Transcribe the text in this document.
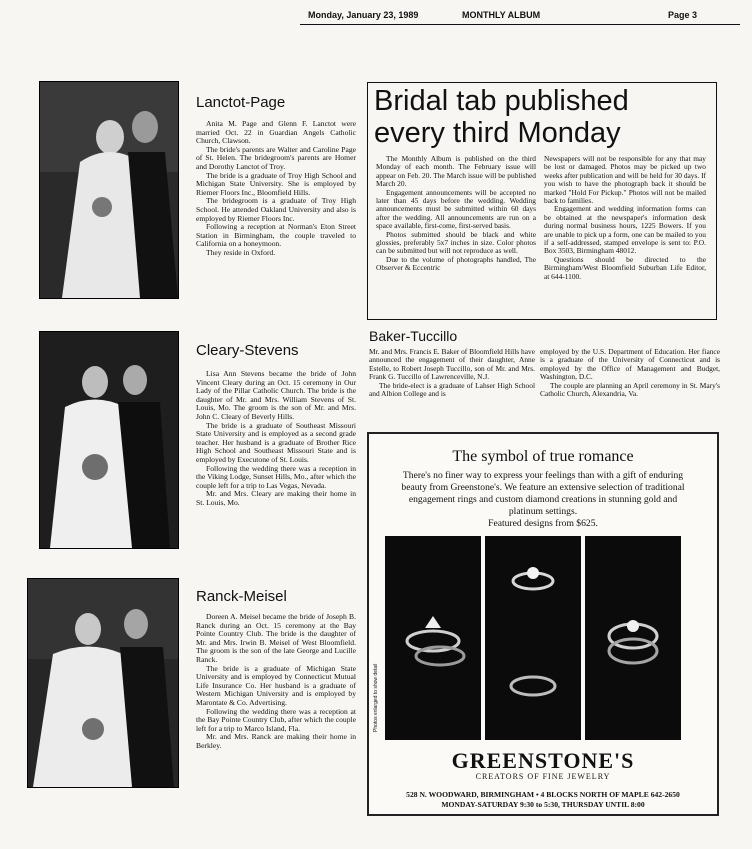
Monday, January 23, 1989	MONTHLY ALBUM	Page 3
Lanctot-Page

Anita M. Page and Glenn F. Lanctot were married Oct. 22 in Guardian Angels Catholic Church, Clawson.

The bride's parents are Walter and Caroline Page of St. Helen. The bridegroom's parents are Homer and Dorothy Lanctot of Troy.

The bride is a graduate of Troy High School and Michigan State University. She is employed by Riemer Floors Inc., Bloomfield Hills.

The bridegroom is a graduate of Troy High School. He attended Oakland University and also is employed by Riemer Floors Inc.

Following a reception at Norman's Eton Street Station in Birmingham, the couple traveled to California on a honeymoon.

They reside in Oxford.

Cleary-Stevens

Lisa Ann Stevens became the bride of John Vincent Cleary during an Oct. 15 ceremony in Our Lady of the Pillar Catholic Church. The bride is the daughter of Mr. and Mrs. William Stevens of St. Louis, Mo. The groom is the son of Mr. and Mrs. John C. Cleary of Beverly Hills.

The bride is a graduate of Southeast Missouri State University and is employed as a second grade teacher. Her husband is a graduate of Brother Rice High School and Southeast Missouri State and is employed by Executone of St. Louis.

Following the wedding there was a reception in the Viking Lodge, Sunset Hills, Mo., after which the couple left for a trip to Las Vegas, Nevada.

Mr. and Mrs. Cleary are making their home in St. Louis, Mo.

Ranck-Meisel

Doreen A. Meisel became the bride of Joseph B. Ranck during an Oct. 15 ceremony at the Bay Pointe Country Club. The bride is the daughter of Mr. and Mrs. Irwin B. Meisel of West Bloomfield. The groom is the son of the late George and Lucille Ranck.

The bride is a graduate of Michigan State University and is employed by Connecticut Mutual Life Insurance Co. Her husband is a graduate of Western Michigan University and is employed by Marontate & Co. Advertising.

Following the wedding there was a reception at the Bay Pointe Country Club, after which the couple left for a trip to Marco Island, Fla.

Mr. and Mrs. Ranck are making their home in Berkley.

Bridal tab published
every third Monday

The Monthly Album is published on the third Monday of each month. The February issue will appear on Feb. 20. The March issue will be published March 20.

Engagement announcements will be accepted no later than 45 days before the wedding. Wedding announcements must be submitted within 60 days after the wedding. All announcements are run on a space available, first-come, first-served basis.

Photos submitted should be black and white glossies, preferably 5x7 inches in size. Color photos can be submitted but will not reproduce as well.

Due to the volume of photographs handled, The Observer & Eccentric

Newspapers will not be responsible for any that may be lost or damaged. Photos may be picked up two weeks after publication and will be held for 30 days. If you wish to have the photograph back it should be marked "Hold For Pickup." Photos will not be mailed back to families.

Engagement and wedding information forms can be obtained at the newspaper's information desk during normal business hours, 1225 Bowers. If you are unable to pick up a form, one can be mailed to you if a self-addressed, stamped envelope is sent to: P.O. Box 3503, Birmingham 48012.

Questions should be directed to the Birmingham/West Bloomfield Suburban Life Editor, at 644-1100.

Baker-Tuccillo

Mr. and Mrs. Francis E. Baker of Bloomfield Hills have announced the engagement of their daughter, Anne Estelle, to Robert Joseph Tuccillo, son of Mr. and Mrs. Frank G. Tuccillo of Lawrenceville, N.J.

The bride-elect is a graduate of Lahser High School and Albion College and is

employed by the U.S. Department of Education. Her fiance is a graduate of the University of Connecticut and is employed by the Office of Management and Budget, Washington, D.C.

The couple are planning an April ceremony in St. Mary's Catholic Church, Alexandria, Va.

The symbol of true romance
There's no finer way to express your feelings than with a gift of enduring beauty from Greenstone's. We feature an extensive selection of traditional engagement rings and custom diamond creations in stunning gold and platinum settings.
Featured designs from $625.
Photos enlarged to show detail
GREENSTONE'S
CREATORS OF FINE JEWELRY
528 N. WOODWARD, BIRMINGHAM • 4 BLOCKS NORTH OF MAPLE 642-2650
MONDAY-SATURDAY 9:30 to 5:30, THURSDAY UNTIL 8:00
